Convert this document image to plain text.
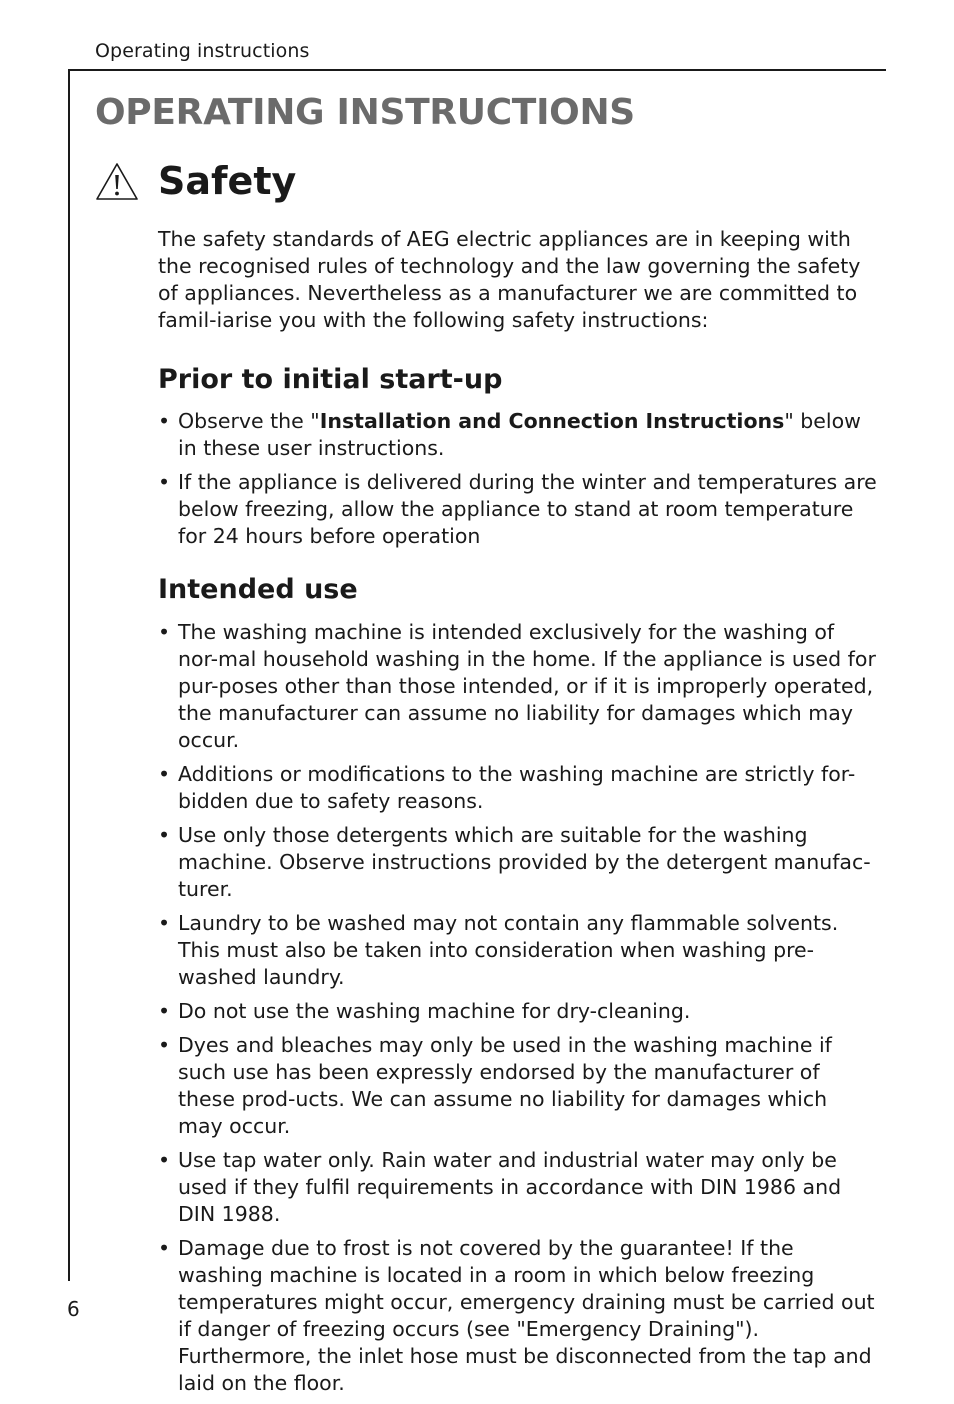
Operating instructions
OPERATING INSTRUCTIONS
Safety

The safety standards of AEG electric appliances are in keeping with the recognised rules of technology and the law governing the safety of appliances. Nevertheless as a manufacturer we are committed to famil-iarise you with the following safety instructions:

Prior to initial start-up
• Observe the "Installation and Connection Instructions" below in these user instructions.
• If the appliance is delivered during the winter and temperatures are below freezing, allow the appliance to stand at room temperature for 24 hours before operation
Intended use
• The washing machine is intended exclusively for the washing of nor-mal household washing in the home. If the appliance is used for pur-poses other than those intended, or if it is improperly operated, the manufacturer can assume no liability for damages which may occur.
• Additions or modifications to the washing machine are strictly for-bidden due to safety reasons.
• Use only those detergents which are suitable for the washing machine. Observe instructions provided by the detergent manufac-turer.
• Laundry to be washed may not contain any flammable solvents. This must also be taken into consideration when washing pre-washed laundry.
• Do not use the washing machine for dry-cleaning.
• Dyes and bleaches may only be used in the washing machine if such use has been expressly endorsed by the manufacturer of these prod-ucts. We can assume no liability for damages which may occur.
• Use tap water only. Rain water and industrial water may only be used if they fulfil requirements in accordance with DIN 1986 and DIN 1988.
• Damage due to frost is not covered by the guarantee! If the washing machine is located in a room in which below freezing temperatures might occur, emergency draining must be carried out if danger of freezing occurs (see "Emergency Draining"). Furthermore, the inlet hose must be disconnected from the tap and laid on the floor.
6
